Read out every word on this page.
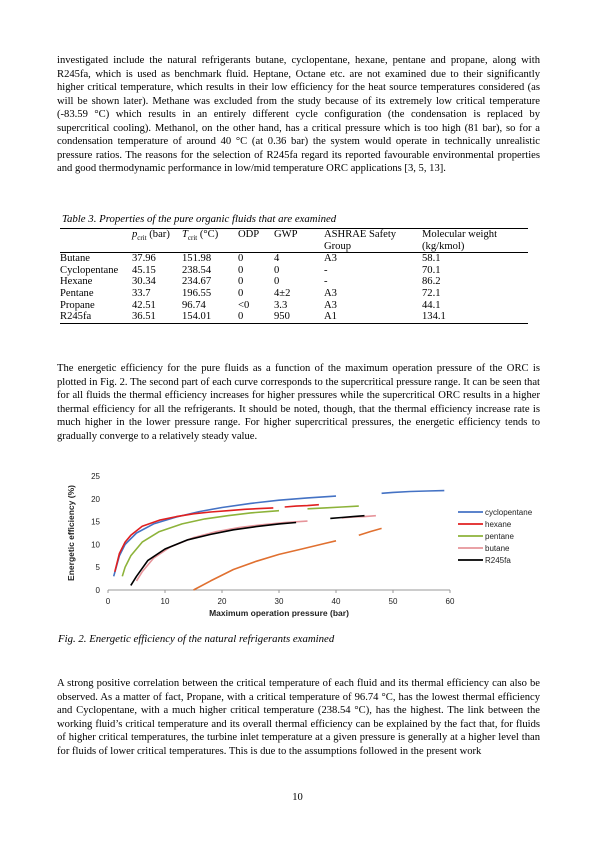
investigated include the natural refrigerants butane, cyclopentane, hexane, pentane and propane, along with R245fa, which is used as benchmark fluid. Heptane, Octane etc. are not examined due to their significantly higher critical temperature, which results in their low efficiency for the heat source temperatures considered (as will be shown later). Methane was excluded from the study because of its extremely low critical temperature (-83.59 °C) which results in an entirely different cycle configuration (the condensation is replaced by supercritical cooling). Methanol, on the other hand, has a critical pressure which is too high (81 bar), so for a condensation temperature of around 40 °C (at 0.36 bar) the system would operate in technically unrealistic pressure ratios. The reasons for the selection of R245fa regard its reported favourable environmental properties and good thermodynamic performance in low/mid temperature ORC applications [3, 5, 13].

Table 3. Properties of the pure organic fluids that are examined
	$p_{crit}$ (bar)	$T_{crit}$ (°C)	ODP	GWP	ASHRAE Safety Group	Molecular weight (kg/kmol)
Butane	37.96	151.98	0	4	A3	58.1
Cyclopentane	45.15	238.54	0	0	-	70.1
Hexane	30.34	234.67	0	0	-	86.2
Pentane	33.7	196.55	0	4±2	A3	72.1
Propane	42.51	96.74	<0	3.3	A3	44.1
R245fa	36.51	154.01	0	950	A1	134.1

The energetic efficiency for the pure fluids as a function of the maximum operation pressure of the ORC is plotted in Fig. 2. The second part of each curve corresponds to the supercritical pressure range. It can be seen that for all fluids the thermal efficiency increases for higher pressures while the supercritical ORC results in a higher thermal efficiency for all the refrigerants. It should be noted, though, that the thermal efficiency increase rate is much higher in the lower pressure range. For higher supercritical pressures, the energetic efficiency tends to gradually converge to a relatively steady value.

0
5
10
15
20
25
0	10	20	30	40	50	60
Maximum operation pressure (bar)
Energetic efficiency (%)	cyclopentane
hexane
pentane
butane
R245fa
Fig. 2. Energetic efficiency of the natural refrigerants examined

A strong positive correlation between the critical temperature of each fluid and its thermal efficiency can also be observed. As a matter of fact, Propane, with a critical temperature of 96.74 °C, has the lowest thermal efficiency and Cyclopentane, with a much higher critical temperature (238.54 °C), has the highest. The link between the working fluid’s critical temperature and its overall thermal efficiency can be explained by the fact that, for fluids of higher critical temperatures, the turbine inlet temperature at a given pressure is generally at a higher level than for fluids of lower critical temperatures. This is due to the assumptions followed in the present work

10
